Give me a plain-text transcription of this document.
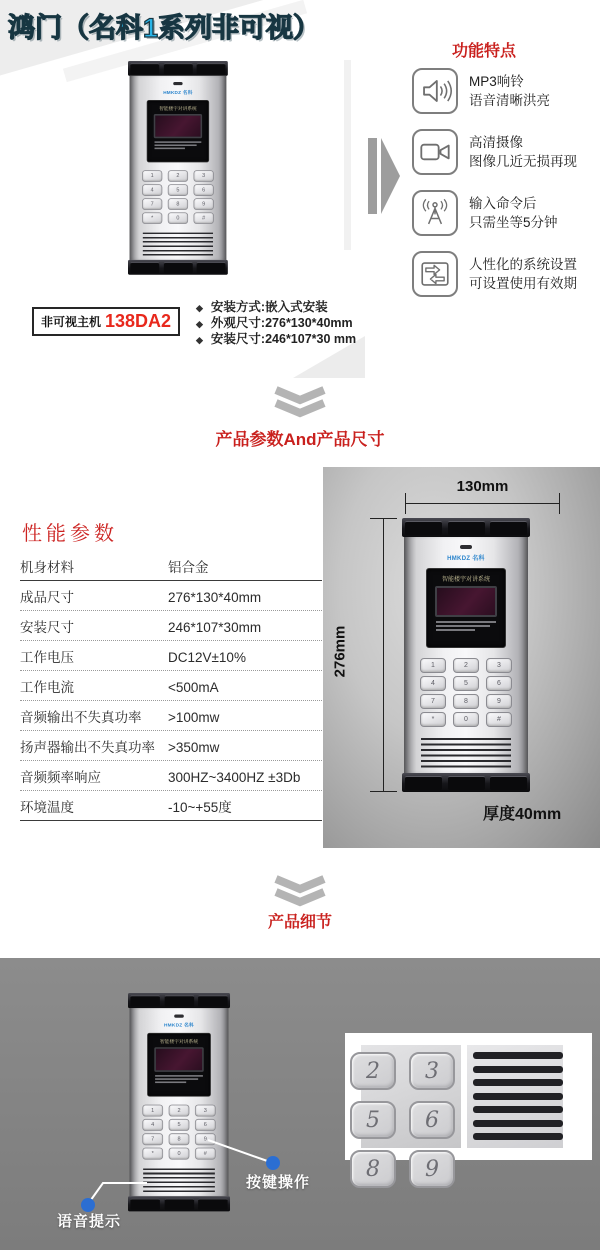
鸿门（名科1系列非可视）
HMKDZ 名科
智能楼宇对讲系统
1	2	3
4	5	6
7	8	9
*	0	#
非可视主机 138DA2
◆ 安装方式:嵌入式安装
◆ 外观尺寸:276*130*40mm
◆ 安装尺寸:246*107*30 mm
功能特点
MP3响铃
语音清晰洪亮
高清摄像
图像几近无损再现
输入命令后
只需坐等5分钟
人性化的系统设置
可设置使用有效期
产品参数And产品尺寸
性能参数
机身材料	铝合金
成品尺寸	276*130*40mm
安装尺寸	246*107*30mm
工作电压	DC12V±10%
工作电流	<500mA
音频输出不失真功率	>100mw
扬声器输出不失真功率 >350mw
音频频率响应	300HZ~3400HZ ±3Db
环境温度	-10~+55度
130mm
276mm
厚度40mm
HMKDZ 名科
智能楼宇对讲系统
1	2	3
4	5	6
7	8	9
*	0	#
产品细节
HMKDZ 名科
智能楼宇对讲系统
1	2	3
4	5	6
7	8	9
*	0	#
按键操作
语音提示
2	3
5	6
8	9
